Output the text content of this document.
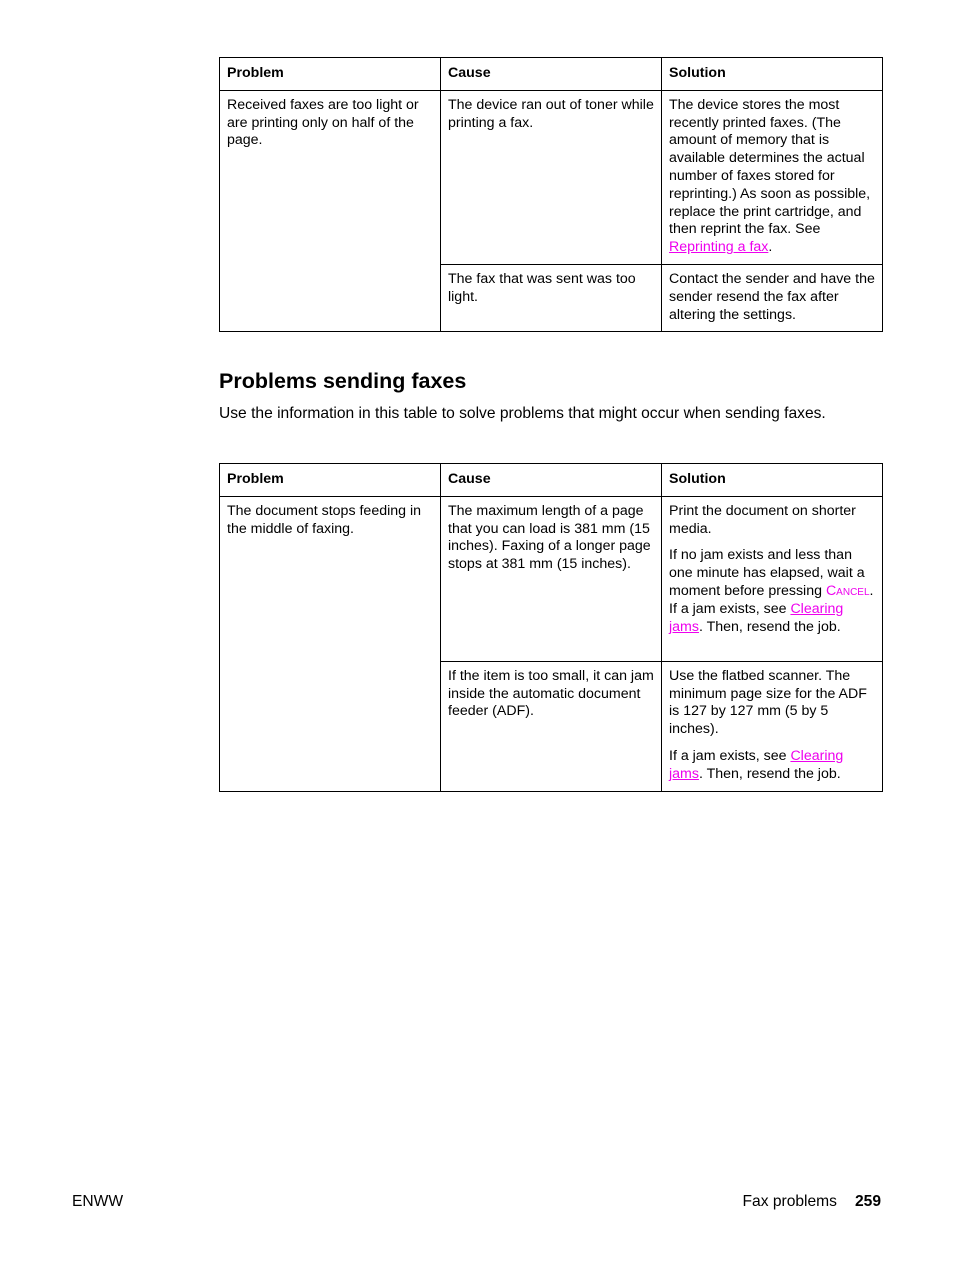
Problem	Cause	Solution
Received faxes are too light or are printing only on half of the page.	The device ran out of toner while printing a fax.	The device stores the most recently printed faxes. (The amount of memory that is available determines the actual number of faxes stored for reprinting.) As soon as possible, replace the print cartridge, and then reprint the fax. See Reprinting a fax.
	The fax that was sent was too light.	Contact the sender and have the sender resend the fax after altering the settings.
Problems sending faxes

Use the information in this table to solve problems that might occur when sending faxes.

Problem	Cause	Solution
The document stops feeding in the middle of faxing.	The maximum length of a page that you can load is 381 mm (15 inches). Faxing of a longer page stops at 381 mm (15 inches).	Print the document on shorter media.

If no jam exists and less than one minute has elapsed, wait a moment before pressing Cancel. If a jam exists, see Clearing jams. Then, resend the job.

	If the item is too small, it can jam inside the automatic document feeder (ADF).	Use the flatbed scanner. The minimum page size for the ADF is 127 by 127 mm (5 by 5 inches).

If a jam exists, see Clearing jams. Then, resend the job.

ENWW	Fax problems 259
